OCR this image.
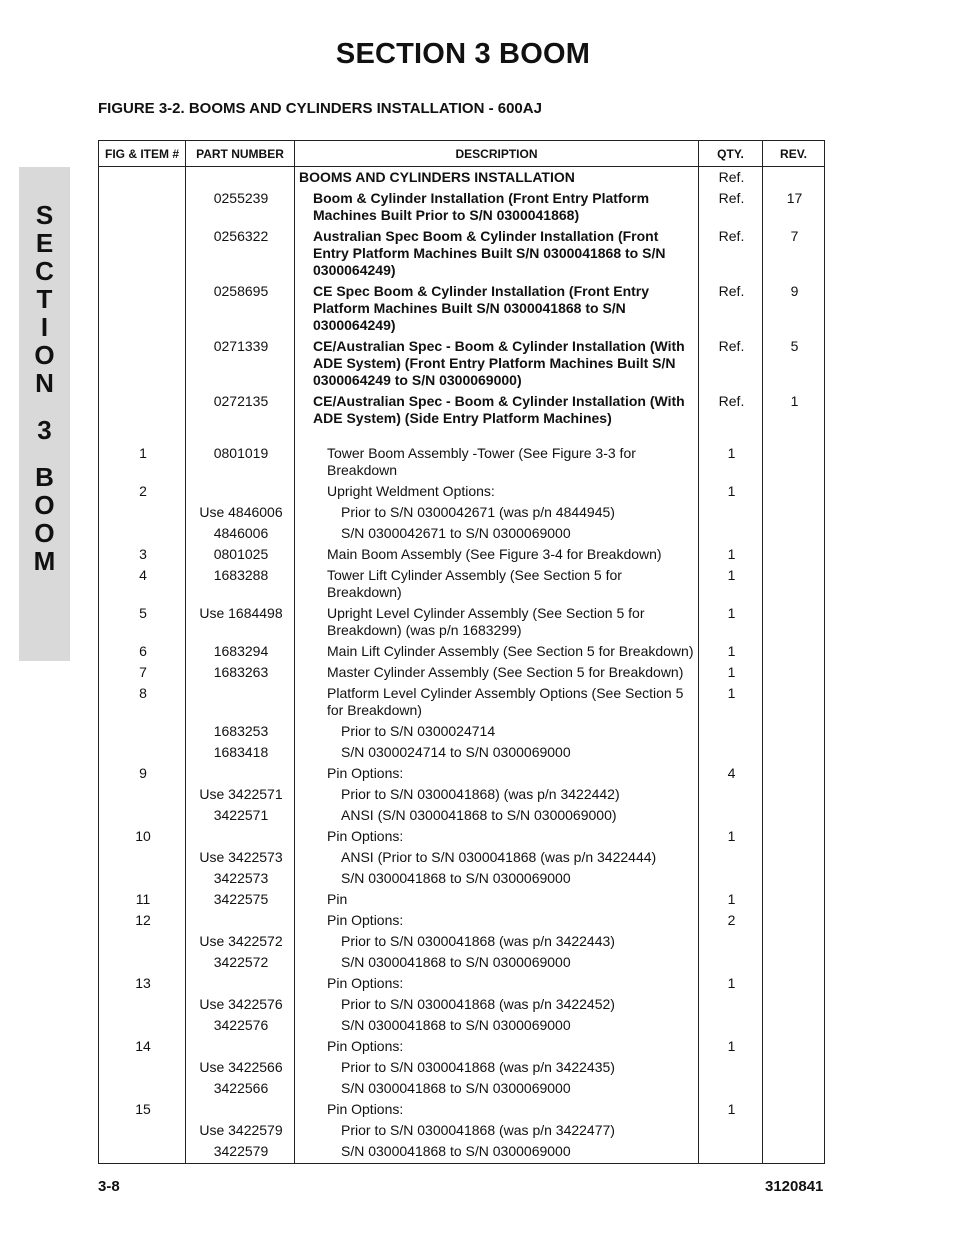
SECTION 3 BOOM
FIGURE 3-2. BOOMS AND CYLINDERS INSTALLATION - 600AJ
S
E
C
T
I
O
N
3
B
O
O
M
FIG & ITEM #	PART NUMBER	DESCRIPTION	QTY.	REV.
		BOOMS AND CYLINDERS INSTALLATION	Ref.	
	0255239	Boom & Cylinder Installation (Front Entry Platform Machines Built Prior to S/N 0300041868)	Ref.	17
	0256322	Australian Spec Boom & Cylinder Installation (Front Entry Platform Machines Built S/N 0300041868 to S/N 0300064249)	Ref.	7
	0258695	CE Spec Boom & Cylinder Installation (Front Entry Platform Machines Built S/N 0300041868 to S/N 0300064249)	Ref.	9
	0271339	CE/Australian Spec - Boom & Cylinder Installation (With ADE System) (Front Entry Platform Machines Built S/N 0300064249 to S/N 0300069000)	Ref.	5
	0272135	CE/Australian Spec - Boom & Cylinder Installation (With ADE System) (Side Entry Platform Machines)	Ref.	1

1	0801019	Tower Boom Assembly -Tower (See Figure 3-3 for Breakdown	1	
2		Upright Weldment Options:	1	
	Use 4846006	Prior to S/N 0300042671 (was p/n 4844945)		
	4846006	S/N 0300042671 to S/N 0300069000		
3	0801025	Main Boom Assembly (See Figure 3-4 for Breakdown)	1	
4	1683288	Tower Lift Cylinder Assembly (See Section 5 for Breakdown)	1	
5	Use 1684498	Upright Level Cylinder Assembly (See Section 5 for Breakdown) (was p/n 1683299)	1	
6	1683294	Main Lift Cylinder Assembly (See Section 5 for Breakdown)	1	
7	1683263	Master Cylinder Assembly (See Section 5 for Breakdown)	1	
8		Platform Level Cylinder Assembly Options (See Section 5 for Breakdown)	1	
	1683253	Prior to S/N 0300024714		
	1683418	S/N 0300024714 to S/N 0300069000		
9		Pin Options:	4	
	Use 3422571	Prior to S/N 0300041868) (was p/n 3422442)		
	3422571	ANSI (S/N 0300041868 to S/N 0300069000)		
10		Pin Options:	1	
	Use 3422573	ANSI (Prior to S/N 0300041868 (was p/n 3422444)		
	3422573	S/N 0300041868 to S/N 0300069000		
11	3422575	Pin	1	
12		Pin Options:	2	
	Use 3422572	Prior to S/N 0300041868 (was p/n 3422443)		
	3422572	S/N 0300041868 to S/N 0300069000		
13		Pin Options:	1	
	Use 3422576	Prior to S/N 0300041868 (was p/n 3422452)		
	3422576	S/N 0300041868 to S/N 0300069000		
14		Pin Options:	1	
	Use 3422566	Prior to S/N 0300041868 (was p/n 3422435)		
	3422566	S/N 0300041868 to S/N 0300069000		
15		Pin Options:	1	
	Use 3422579	Prior to S/N 0300041868 (was p/n 3422477)		
	3422579	S/N 0300041868 to S/N 0300069000		
3-8	3120841
